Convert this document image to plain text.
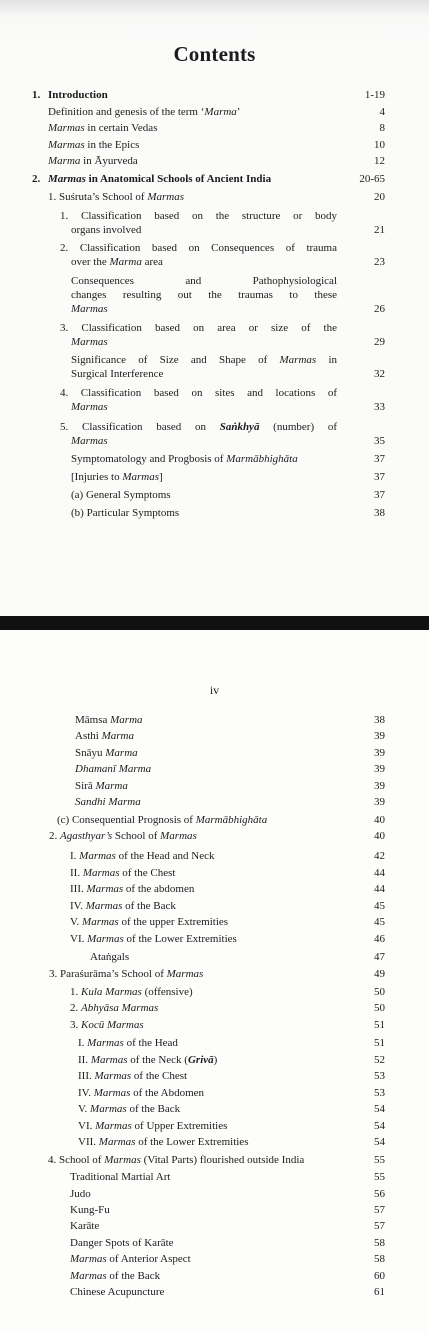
Contents
1. Introduction	1-19
Definition and genesis of the term ‘Marma’	4
Marmas in certain Vedas	8
Marmas in the Epics	10
Marma in Āyurveda	12
2. Marmas in Anatomical Schools of Ancient India	20-65
1. Suśruta’s School of Marmas	20
1. Classification based on the structure or body
organs involved	21
2. Classification based on Consequences of trauma
over the Marma area	23
Consequences and Pathophysiological
changes resulting out the traumas to these
Marmas	26
3. Classification based on area or size of the
Marmas	29
Significance of Size and Shape of Marmas in
Surgical Interference	32
4. Classification based on sites and locations of
Marmas	33
5. Classification based on Saṅkhyā (number) of
Marmas	35
Symptomatology and Progbosis of Marmābhighāta	37
[Injuries to Marmas]	37
(a) General Symptoms	37
(b) Particular Symptoms	38
iv
Māmsa Marma	38
Asthi Marma	39
Snāyu Marma	39
Dhamanī Marma	39
Sirā Marma	39
Sandhi Marma	39
(c) Consequential Prognosis of Marmābhighāta	40
2. Agasthyar’s School of Marmas	40
I. Marmas of the Head and Neck	42
II. Marmas of the Chest	44
III. Marmas of the abdomen	44
IV. Marmas of the Back	45
V. Marmas of the upper Extremities	45
VI. Marmas of the Lower Extremities	46
Ataṅgals	47
3. Paraśurāma’s School of Marmas	49
1. Kula Marmas (offensive)	50
2. Abhyāsa Marmas	50
3. Kocū Marmas	51
I. Marmas of the Head	51
II. Marmas of the Neck (Grivā)	52
III. Marmas of the Chest	53
IV. Marmas of the Abdomen	53
V. Marmas of the Back	54
VI. Marmas of Upper Extremities	54
VII. Marmas of the Lower Extremities	54
4. School of Marmas (Vital Parts) flourished outside India	55
Traditional Martial Art	55
Judo	56
Kung-Fu	57
Karāte	57
Danger Spots of Karāte	58
Marmas of Anterior Aspect	58
Marmas of the Back	60
Chinese Acupuncture	61
